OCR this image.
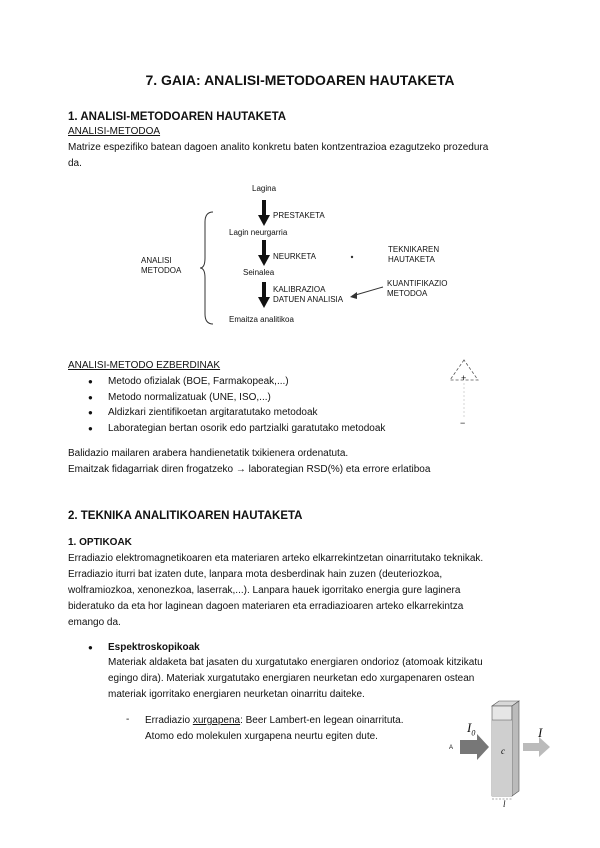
7. GAIA: ANALISI-METODOAREN HAUTAKETA
1. ANALISI-METODOAREN HAUTAKETA
ANALISI-METODOA
Matrize espezifiko batean dagoen analito konkretu baten kontzentrazioa ezagutzeko prozedura da.
ANALISI
METODOA
Lagina
PRESTAKETA
Lagin neurgarria
NEURKETA
Seinalea
KALIBRAZIOA
DATUEN ANALISIA
Emaitza analitikoa
TEKNIKAREN
HAUTAKETA
KUANTIFIKAZIO
METODOA
ANALISI-METODO EZBERDINAK
● Metodo ofizialak (BOE, Farmakopeak,...)
● Metodo normalizatuak (UNE, ISO,...)
● Aldizkari zientifikoetan argitaratutako metodoak
● Laborategian bertan osorik edo partzialki garatutako metodoak
+
−
Balidazio mailaren arabera handienetatik txikienera ordenatuta.
Emaitzak fidagarriak diren frogatzeko → laborategian RSD(%) eta errore erlatiboa
2. TEKNIKA ANALITIKOAREN HAUTAKETA
1. OPTIKOAK
Erradiazio elektromagnetikoaren eta materiaren arteko elkarrekintzetan oinarritutako teknikak. Erradiazio iturri bat izaten dute, lanpara mota desberdinak hain zuzen (deuteriozkoa, wolframiozkoa, xenonezkoa, laserrak,...). Lanpara hauek igorritako energia gure laginera bideratuko da eta hor laginean dagoen materiaren eta erradiazioaren arteko elkarrekintza emango da.
● Espektroskopikoak
Materiak aldaketa bat jasaten du xurgatutako energiaren ondorioz (atomoak kitzikatu egingo dira). Materiak xurgatutako energiaren neurketan edo xurgapenaren ostean materiak igorritako energiaren neurketan oinarritu daiteke.
- Erradiazio xurgapena: Beer Lambert-en legean oinarrituta.
Atomo edo molekulen xurgapena neurtu egiten dute.
$I_0$	I
c
A
l
